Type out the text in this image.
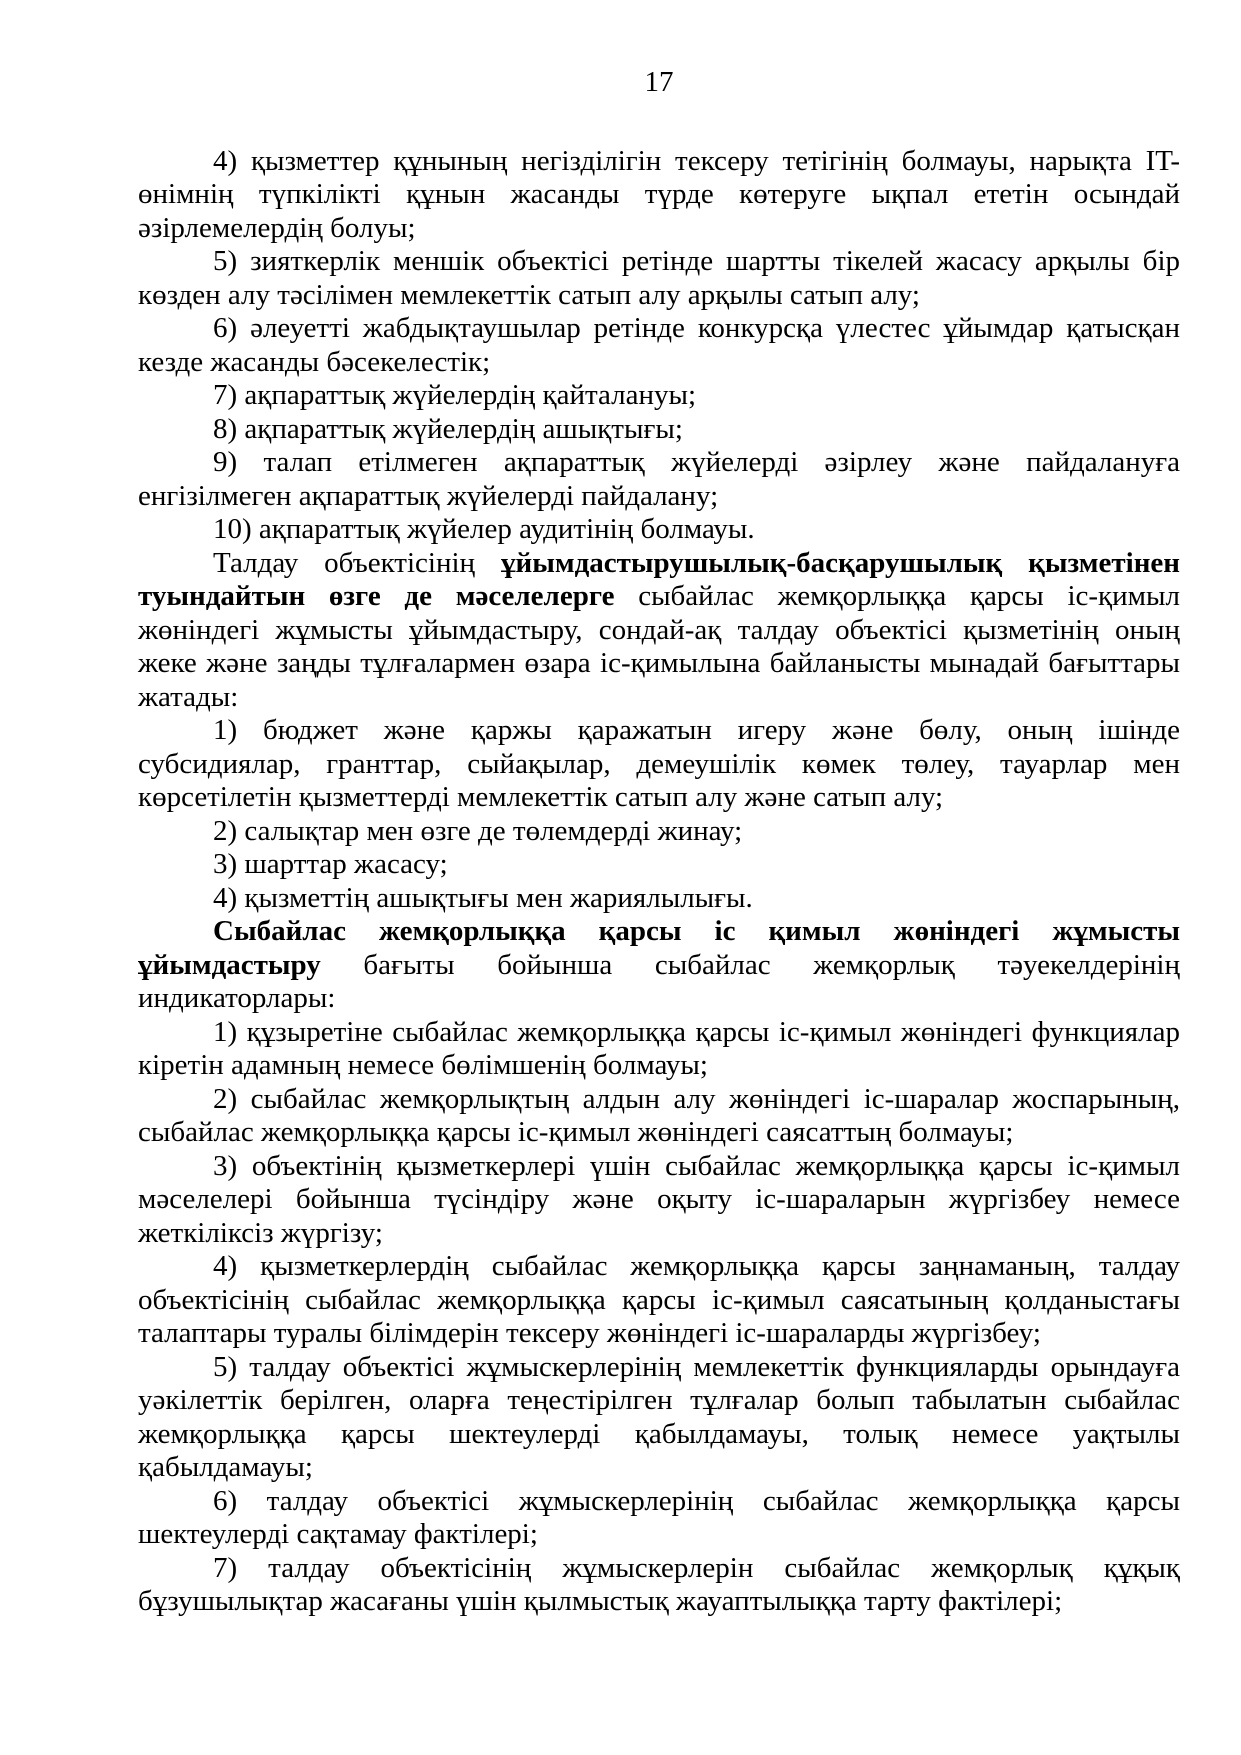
17

4) қызметтер құнының негізділігін тексеру тетігінің болмауы, нарықта IT-өнімнің түпкілікті құнын жасанды түрде көтеруге ықпал ететін осындай әзірлемелердің болуы;

5) зияткерлік меншік объектісі ретінде шартты тікелей жасасу арқылы бір көзден алу тәсілімен мемлекеттік сатып алу арқылы сатып алу;

6) әлеуетті жабдықтаушылар ретінде конкурсқа үлестес ұйымдар қатысқан кезде жасанды бәсекелестік;

7) ақпараттық жүйелердің қайталануы;

8) ақпараттық жүйелердің ашықтығы;

9) талап етілмеген ақпараттық жүйелерді әзірлеу және пайдалануға енгізілмеген ақпараттық жүйелерді пайдалану;

10) ақпараттық жүйелер аудитінің болмауы.

Талдау объектісінің ұйымдастырушылық-басқарушылық қызметінен туындайтын өзге де мәселелерге сыбайлас жемқорлыққа қарсы іс-қимыл жөніндегі жұмысты ұйымдастыру, сондай-ақ талдау объектісі қызметінің оның жеке және заңды тұлғалармен өзара іс-қимылына байланысты мынадай бағыттары жатады:

1) бюджет және қаржы қаражатын игеру және бөлу, оның ішінде субсидиялар, гранттар, сыйақылар, демеушілік көмек төлеу, тауарлар мен көрсетілетін қызметтерді мемлекеттік сатып алу және сатып алу;

2) салықтар мен өзге де төлемдерді жинау;

3) шарттар жасасу;

4) қызметтің ашықтығы мен жариялылығы.

Сыбайлас жемқорлыққа қарсы іс қимыл жөніндегі жұмысты ұйымдастыру бағыты бойынша сыбайлас жемқорлық тәуекелдерінің индикаторлары:

1) құзыретіне сыбайлас жемқорлыққа қарсы іс-қимыл жөніндегі функциялар кіретін адамның немесе бөлімшенің болмауы;

2) сыбайлас жемқорлықтың алдын алу жөніндегі іс-шаралар жоспарының, сыбайлас жемқорлыққа қарсы іс-қимыл жөніндегі саясаттың болмауы;

3) объектінің қызметкерлері үшін сыбайлас жемқорлыққа қарсы іс-қимыл мәселелері бойынша түсіндіру және оқыту іс-шараларын жүргізбеу немесе жеткіліксіз жүргізу;

4) қызметкерлердің сыбайлас жемқорлыққа қарсы заңнаманың, талдау объектісінің сыбайлас жемқорлыққа қарсы іс-қимыл саясатының қолданыстағы талаптары туралы білімдерін тексеру жөніндегі іс-шараларды жүргізбеу;

5) талдау объектісі жұмыскерлерінің мемлекеттік функцияларды орындауға уәкілеттік берілген, оларға теңестірілген тұлғалар болып табылатын сыбайлас жемқорлыққа қарсы шектеулерді қабылдамауы, толық немесе уақтылы қабылдамауы;

6) талдау объектісі жұмыскерлерінің сыбайлас жемқорлыққа қарсы шектеулерді сақтамау фактілері;

7) талдау объектісінің жұмыскерлерін сыбайлас жемқорлық құқық бұзушылықтар жасағаны үшін қылмыстық жауаптылыққа тарту фактілері;
